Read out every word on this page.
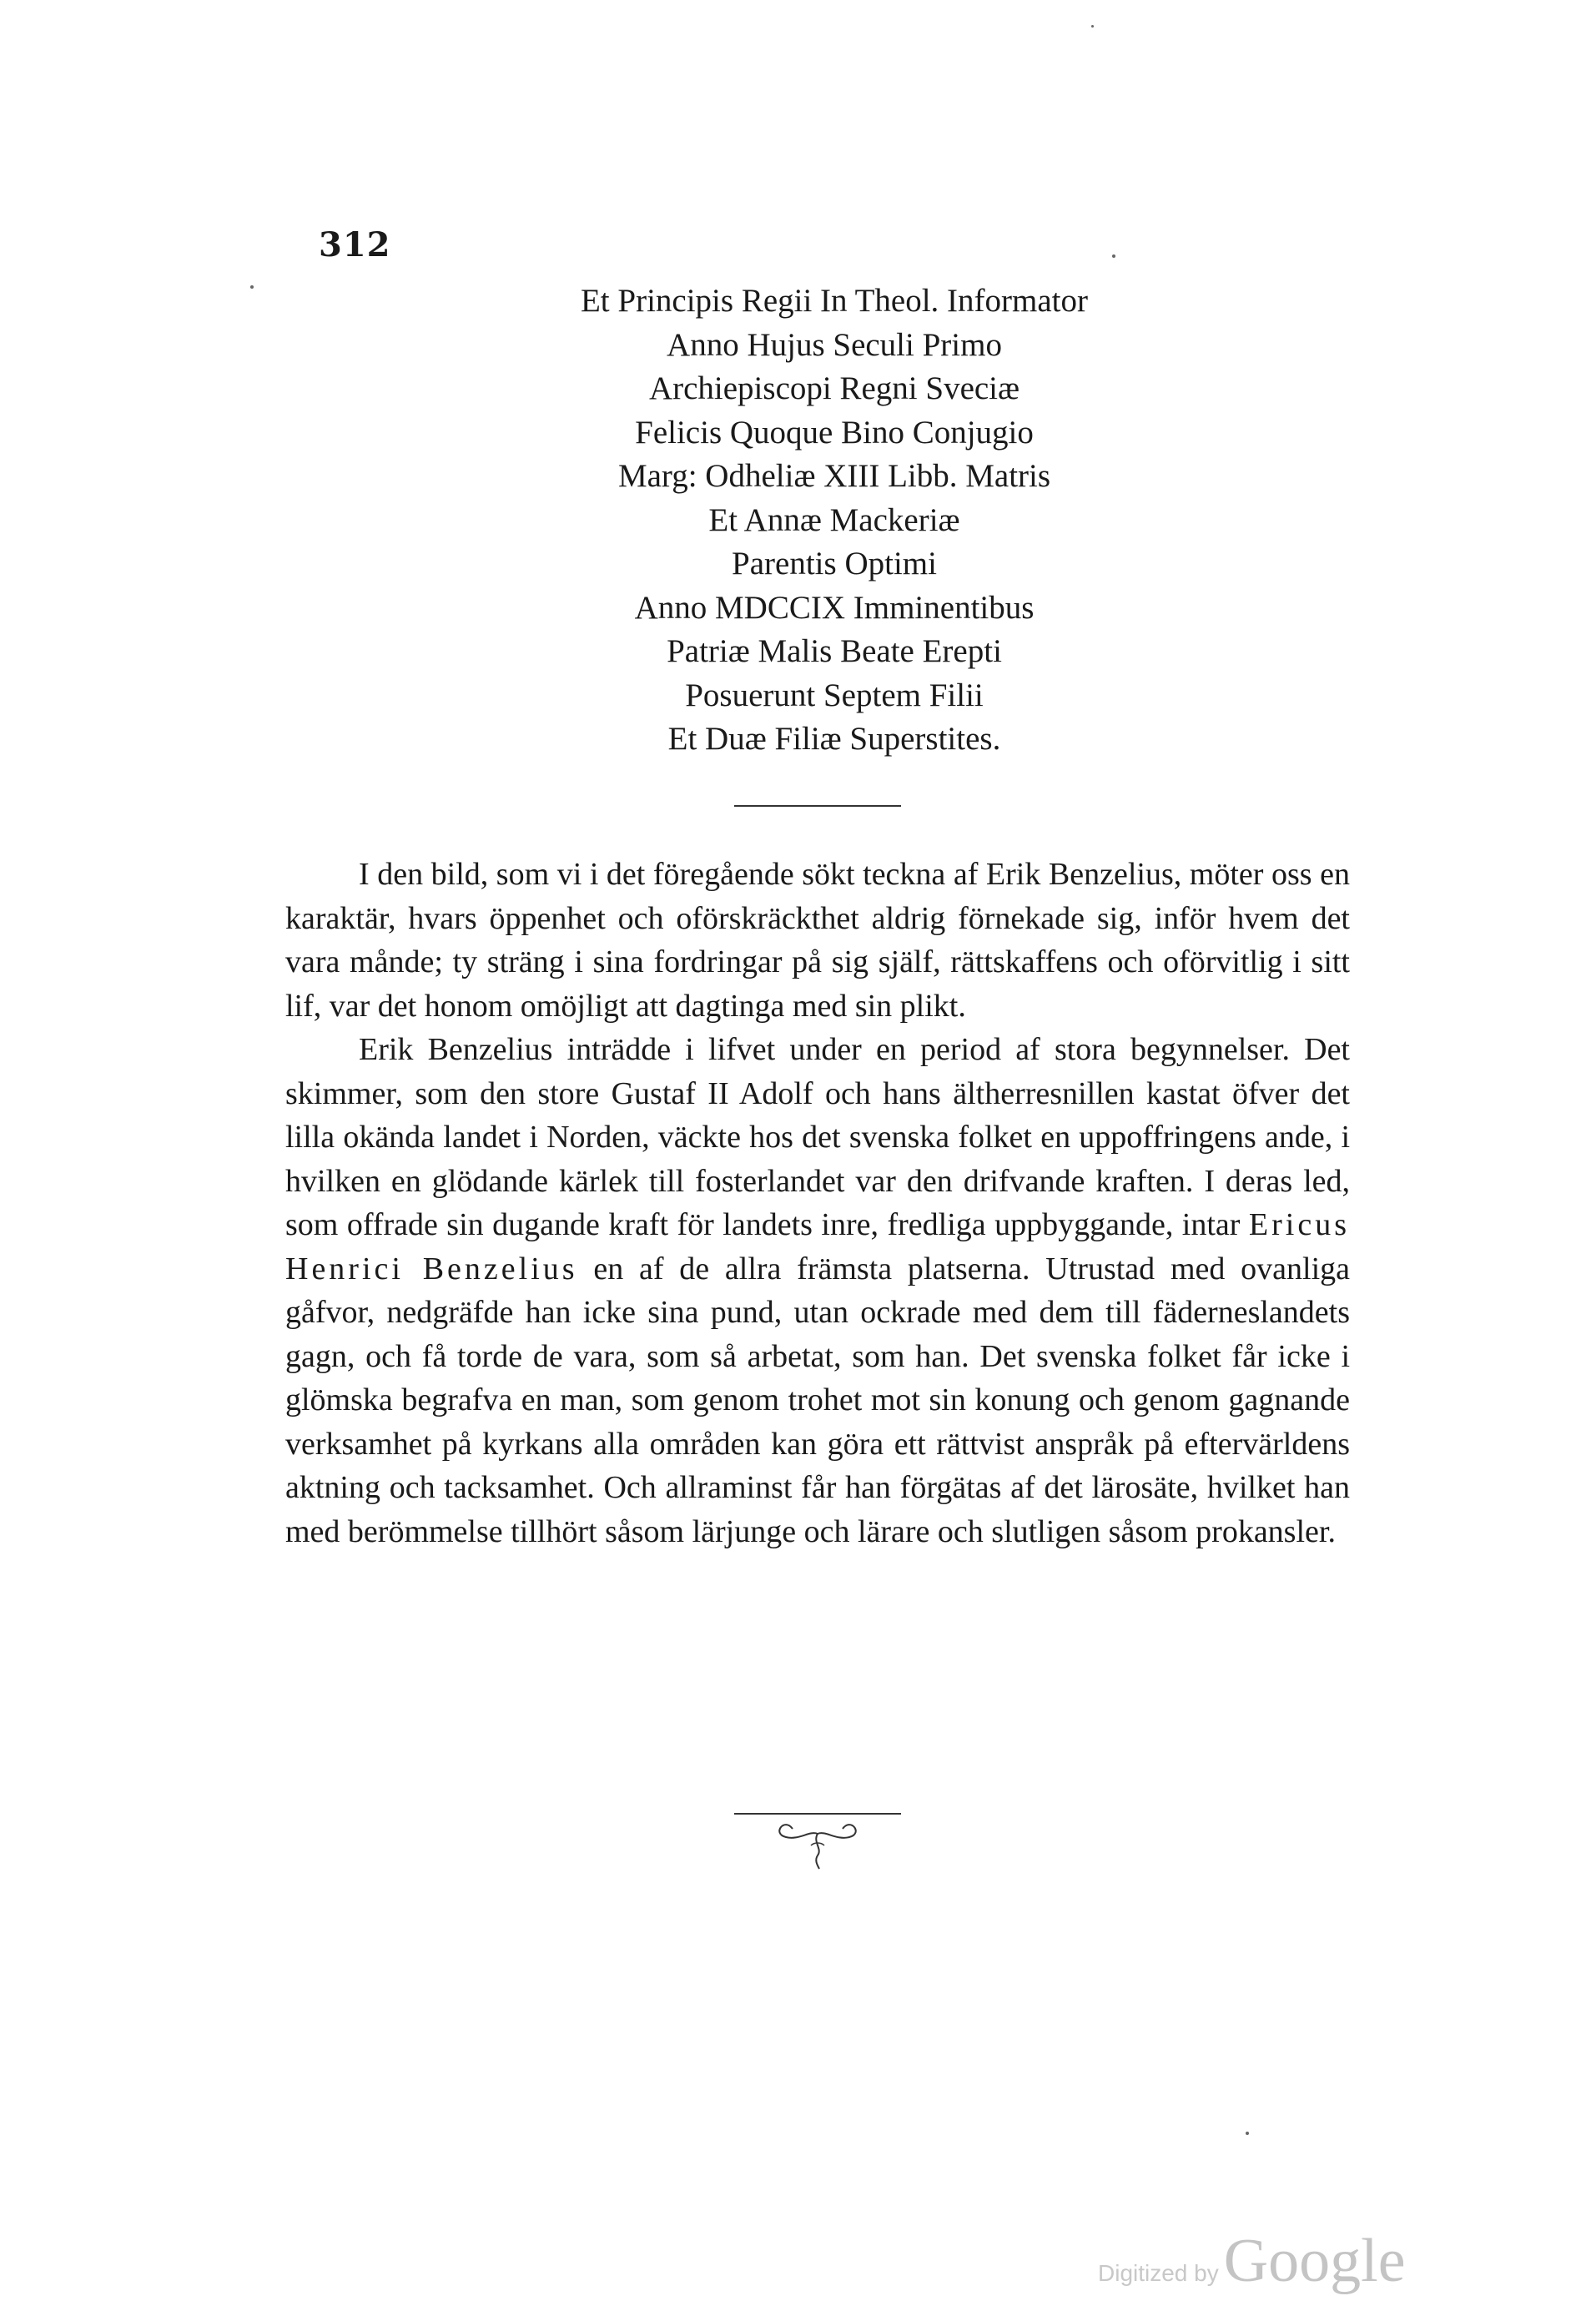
312
Et Principis Regii In Theol. Informator
Anno Hujus Seculi Primo
Archiepiscopi Regni Sveciæ
Felicis Quoque Bino Conjugio
Marg: Odheliæ XIII Libb. Matris
Et Annæ Mackeriæ
Parentis Optimi
Anno MDCCIX Imminentibus
Patriæ Malis Beate Erepti
Posuerunt Septem Filii
Et Duæ Filiæ Superstites.

I den bild, som vi i det föregående sökt teckna af Erik Benzelius, möter oss en karaktär, hvars öppenhet och oförskräckthet aldrig förnekade sig, inför hvem det vara månde; ty sträng i sina fordringar på sig själf, rättskaffens och oförvitlig i sitt lif, var det honom omöjligt att dagtinga med sin plikt.

Erik Benzelius inträdde i lifvet under en period af stora begynnelser. Det skimmer, som den store Gustaf II Adolf och hans ältherresnillen kastat öfver det lilla okända landet i Norden, väckte hos det svenska folket en uppoffringens ande, i hvilken en glödande kärlek till fosterlandet var den drifvande kraften. I deras led, som offrade sin dugande kraft för landets inre, fredliga uppbyggande, intar Ericus Henrici Benzelius en af de allra främsta platserna. Utrustad med ovanliga gåfvor, nedgräfde han icke sina pund, utan ockrade med dem till fäderneslandets gagn, och få torde de vara, som så arbetat, som han. Det svenska folket får icke i glömska begrafva en man, som genom trohet mot sin konung och genom gagnande verksamhet på kyrkans alla områden kan göra ett rättvist anspråk på eftervärldens aktning och tacksamhet. Och allraminst får han förgätas af det lärosäte, hvilket han med berömmelse tillhört såsom lärjunge och lärare och slutligen såsom prokansler.

Digitized by Google
